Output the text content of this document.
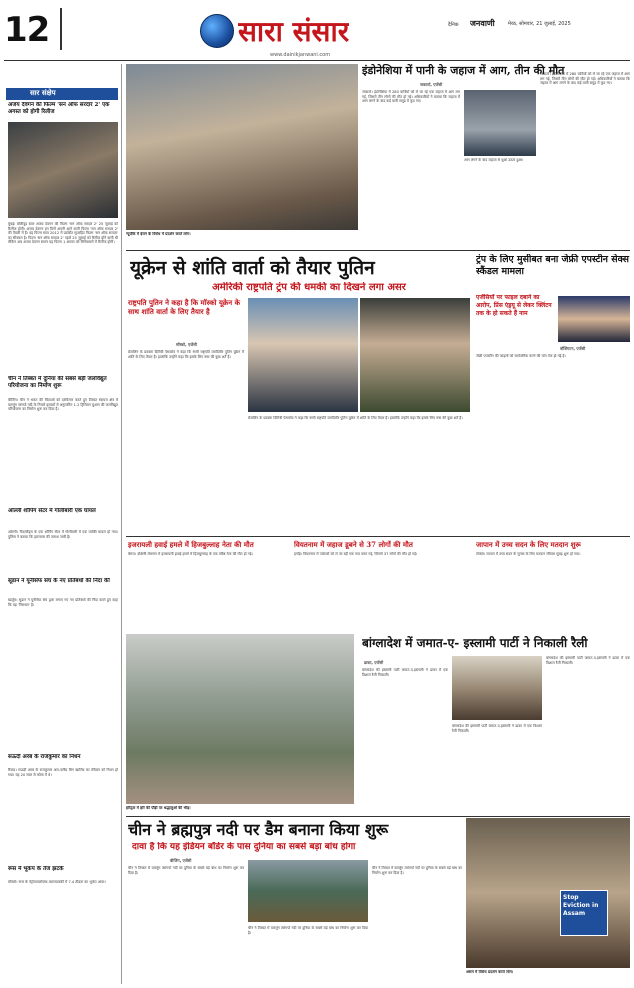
12	सारा संसार
www.dainikjanwani.com
दैनिक जनवाणी	मेरठ, सोमवार, 21 जुलाई, 2025
सार संक्षेप
अजय देवगन की फिल्म 'सन ऑफ सरदार 2' एक अगस्त को होगी रिलीज
मुंबई। बॉलीवुड स्टार अजय देवगन की फिल्म 'सन ऑफ सरदार 2' 25 जुलाई को रिलीज होगी। अजय देवगन इन दिनों अपनी आने वाली फिल्म 'सन ऑफ सरदार 2' की तैयारी में हैं। यह फिल्म साल 2012 में प्रदर्शित सुपरहिट फिल्म 'सन ऑफ सरदार' का सीक्वल है। फिल्म 'सन ऑफ सरदार 2' पहले 25 जुलाई को रिलीज होने वाली थी लेकिन अब अजय देवगन स्टारर यह फिल्म 1 अगस्त को सिनेमाघरों में रिलीज होगी।
चीन ने तिब्बत में दुनिया की सबसे बड़ी जलविद्युत परियोजना का निर्माण शुरू
बीजिंग। चीन ने भारत की चिंताओं को दरकिनार करते हुए तिब्बत स्वायत्त क्षेत्र में यारलुंग सांगपो नदी के निचले इलाकों में अनुमानित 1.2 ट्रिलियन युआन की जलविद्युत परियोजना का निर्माण शुरू कर दिया है।
ओल्ली शॉपिंग सेंटर में गोलीबारी एक घायल
ओल्ली। नीदरलैंड्स के एक शॉपिंग सेंटर में गोलीबारी में एक व्यक्ति घायल हो गया। पुलिस ने बताया कि हमलावर की तलाश जारी है।
सूडान ने यूनीसेफ संघ के नए प्रतिबंधों की निंदा की
खार्तूम। सूडान ने यूनीसेफ संघ द्वारा लगाए गए नए प्रतिबंधों की निंदा करते हुए कहा कि यह 'निराधार' है।
सऊदी अरब के राजकुमार का निधन
रियाद। सऊदी अरब के राजकुमार अल-वलीद बिन खालिद का रविवार को निधन हो गया। वह 20 साल से कोमा में थे।
रूस में भूकंप के तेज झटके
मॉस्को। रूस के पेट्रोपावलोव्स्क-कामचात्स्की में 7.4 तीव्रता का भूकंप आया।
न्यूयॉर्क में ईरान के विरोध में प्रदर्शन करते लोग।
इंडोनेशिया में पानी के जहाज में आग, तीन की मौत
जकार्ता, एजेंसी
जकार्ता। इंडोनेशिया में 280 यात्रियों को ले जा रहे एक जहाज में आग लग गई, जिसमें तीन लोगों की मौत हो गई। अधिकारियों ने बताया कि जहाज में आग लगने के बाद कई यात्री समुद्र में कूद गए।
आग लगने के बाद जहाज से धुआं उठता हुआ।
जकार्ता। इंडोनेशिया में 280 यात्रियों को ले जा रहे एक जहाज में आग लग गई, जिसमें तीन लोगों की मौत हो गई। अधिकारियों ने बताया कि जहाज में आग लगने के बाद कई यात्री समुद्र में कूद गए।
यूक्रेन से शांति वार्ता को तैयार पुतिन
अमेरिकी राष्ट्रपति ट्रंप की धमकी का दिखने लगा असर
राष्ट्रपति पुतिन ने कहा है कि मॉस्को यूक्रेन के साथ शांति वार्ता के लिए तैयार है
मॉस्को, एजेंसी
क्रेमलिन के प्रवक्ता दिमित्री पेसकोव ने कहा कि रूसी राष्ट्रपति व्लादिमीर पुतिन यूक्रेन में शांति के लिए तैयार हैं। हालांकि उन्होंने कहा कि इसके लिए रूस की कुछ शर्तें हैं।
क्रेमलिन के प्रवक्ता दिमित्री पेसकोव ने कहा कि रूसी राष्ट्रपति व्लादिमीर पुतिन यूक्रेन में शांति के लिए तैयार हैं। हालांकि उन्होंने कहा कि इसके लिए रूस की कुछ शर्तें हैं।
ट्रंप के लिए मुसीबत बना जेफ्री एपस्टीन सेक्स स्कैंडल मामला
एजेंसियों पर फाइल दबाने का आरोप, प्रिंस एंड्रयू से लेकर क्लिंटन तक के हो सकते हैं नाम
वॉशिंगटन, एजेंसी
जेफ्री एपस्टीन की फाइलों को सार्वजनिक करने की मांग तेज हो गई है।
इजरायली हवाई हमले में हिजबुल्लाह नेता की मौत
बेरूत। दक्षिणी लेबनान में इजरायली हवाई हमले में हिजबुल्लाह के एक वरिष्ठ नेता की मौत हो गई।
वियतनाम में जहाज डूबने से 37 लोगों की मौत
हनोई। वियतनाम में पर्यटकों को ले जा रही एक नाव पलट गई, जिसमें 37 लोगों की मौत हो गई।
जापान में उच्च सदन के लिए मतदान शुरू
टोक्यो। जापान में उच्च सदन के चुनाव के लिए मतदान रविवार सुबह शुरू हो गया।
हरिद्वार में हरि की पौड़ी पर श्रद्धालुओं की भीड़।
बांग्लादेश में जमात-ए- इस्लामी पार्टी ने निकाली रैली
ढाका, एजेंसी
बांग्लादेश की इस्लामी पार्टी जमात-ए-इस्लामी ने ढाका में एक विशाल रैली निकाली।
बांग्लादेश की इस्लामी पार्टी जमात-ए-इस्लामी ने ढाका में एक विशाल रैली निकाली।
बांग्लादेश की इस्लामी पार्टी जमात-ए-इस्लामी ने ढाका में एक विशाल रैली निकाली।
चीन ने ब्रह्मपुत्र नदी पर डैम बनाना किया शुरू
दावा है कि यह इंडियन बॉर्डर के पास दुनिया का सबसे बड़ा बांध होगा
बीजिंग, एजेंसी
चीन ने तिब्बत में यारलुंग त्सांगपो नदी पर दुनिया के सबसे बड़े बांध का निर्माण शुरू कर दिया है।
चीन ने तिब्बत में यारलुंग त्सांगपो नदी पर दुनिया के सबसे बड़े बांध का निर्माण शुरू कर दिया है।
चीन ने तिब्बत में यारलुंग त्सांगपो नदी पर दुनिया के सबसे बड़े बांध का निर्माण शुरू कर दिया है।
Stop Eviction in Assam
असम में विरोध प्रदर्शन करते लोग।
